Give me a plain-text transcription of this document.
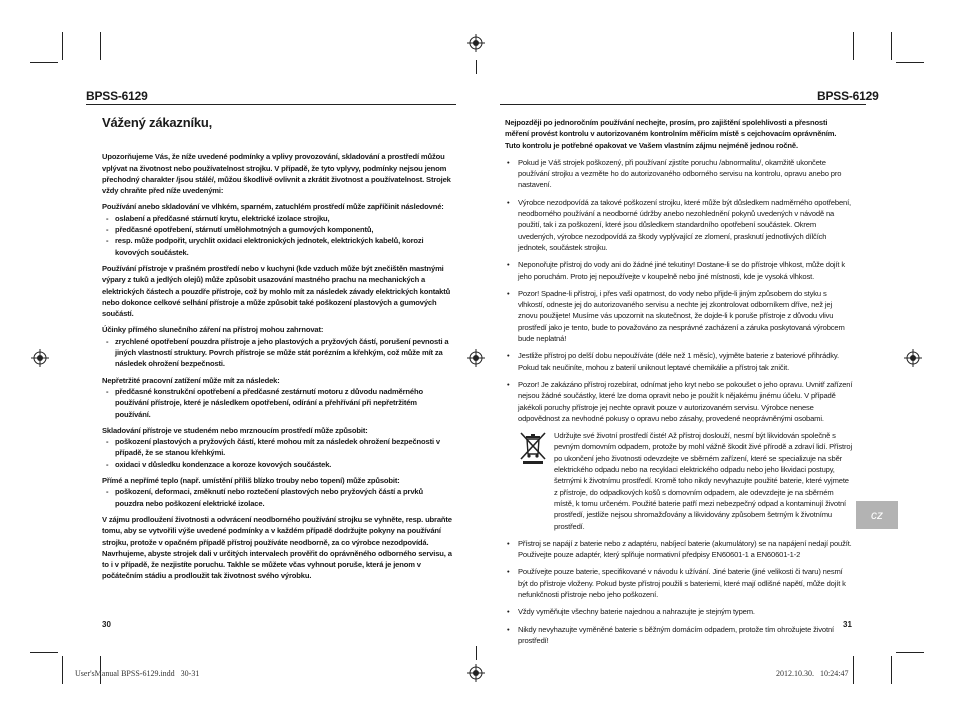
BPSS-6129	BPSS-6129
Vážený zákazníku,

Upozorňujeme Vás, že níže uvedené podmínky a vplivy provozování, skladování a prostředí můžou vplývat na životnost nebo používatelnost strojku. V případě, že tyto vplyvy, podmínky nejsou jenom přechodný charakter /jsou stálé/, můžou škodlivě ovlivnit a zkrátit životnost a používatelnost. Strojek vždy chraňte před níže uvedenými:

Používání anebo skladování ve vlhkém, sparném, zatuchlém prostředí může zapříčinit následovné:

- oslabení a předčasné stárnutí krytu, elektrické izolace strojku,
- předčasné opotřebení, stárnutí umělohmotných a gumových komponentů,
- resp. může podpořit, urychlit oxidaci elektronických jednotek, elektrických kabelů, korozi kovových součástek.

Používání přístroje v prašném prostředí nebo v kuchyni (kde vzduch může být znečištěn mastnými výpary z tuků a jedlých olejů) může způsobit usazování mastného prachu na mechanických a elektrických částech a pouzdře přístroje, což by mohlo mít za následek závady elektrických kontaktů nebo dokonce celkové selhání přístroje a může způsobit také poškození plastových a gumových součástí.

Účinky přímého slunečního záření na přístroj mohou zahrnovat:

- zrychlené opotřebení pouzdra přístroje a jeho plastových a pryžových částí, porušení pevnosti a jiných vlastností struktury. Povrch přístroje se může stát porézním a křehkým, což může mít za následek ohrožení bezpečnosti.

Nepřetržité pracovní zatížení může mít za následek:

- předčasné konstrukční opotřebení a předčasné zestárnutí motoru z důvodu nadměrného používání přístroje, které je následkem opotřebení, odírání a přehřívání při nepřetržitém používání.

Skladování přístroje ve studeném nebo mrznoucím prostředí může způsobit:

- poškození plastových a pryžových částí, které mohou mít za následek ohrožení bezpečnosti v případě, že se stanou křehkými.
- oxidaci v důsledku kondenzace a koroze kovových součástek.

Přímé a nepřímé teplo (např. umístění příliš blízko trouby nebo topení) může způsobit:

- poškození, deformaci, změknutí nebo roztečení plastových nebo pryžových částí a prvků pouzdra nebo poškození elektrické izolace.

V zájmu prodloužení životnosti a odvrácení neodborného používání strojku se vyhněte, resp. ubraňte tomu, aby se vytvořili výše uvedené podmínky a v každém případě dodržujte pokyny na používání strojku, protože v opačném případě přístroj používáte neodborně, za co výrobce nezodpovídá. Navrhujeme, abyste strojek dali v určitých intervalech prověřit do oprávněného odborného servisu, a to i v případě, že nezjistíte poruchu. Takhle se můžete včas vyhnout poruše, která je jenom v počátečním stádiu a prodloužit tak životnost svého výrobku.

30

Nejpozději po jednoročním používání nechejte, prosím, pro zajištění spolehlivosti a přesnosti měření provést kontrolu v autorizovaném kontrolním měřicím místě s cejchovacím oprávněním. Tuto kontrolu je potřebné opakovat ve Vašem vlastním zájmu nejméně jednou ročně.

• Pokud je Váš strojek poškozený, při používaní zjistíte poruchu /abnormalitu/, okamžitě ukončete používání strojku a vezměte ho do autorizovaného odborného servisu na kontrolu, opravu anebo pro nastavení.
• Výrobce nezodpovídá za takové poškození strojku, které může být důsledkem nadměrného opotřebení, neodborného používání a neodborné údržby anebo nezohlednění pokynů uvedených v návodě na použití, tak i za poškození, které jsou důsledkem standardního opotřebení součástek. Okrem uvedených, výrobce nezodpovídá za škody vyplývající ze zlomení, prasknutí jednotlivých dílčích jednotek, součástek strojku.
• Neponořujte přístroj do vody ani do žádné jiné tekutiny! Dostane-li se do přístroje vlhkost, může dojít k jeho poruchám. Proto jej nepoužívejte v koupelně nebo jiné místnosti, kde je vysoká vlhkost.
• Pozor! Spadne-li přístroj, i přes vaši opatrnost, do vody nebo přijde-li jiným způsobem do styku s vlhkostí, odneste jej do autorizovaného servisu a nechte jej zkontrolovat odborníkem dříve, než jej znovu použijete! Musíme vás upozornit na skutečnost, že dojde-li k poruše přístroje z důvodu vlivu prostředí jako je tento, bude to považováno za nesprávné zacházení a záruka poskytovaná výrobcem bude neplatná!
• Jestliže přístroj po delší dobu nepoužíváte (déle než 1 měsíc), vyjměte baterie z bateriové přihrádky. Pokud tak neučiníte, mohou z baterií uniknout leptavé chemikálie a přístroj tak zničit.
• Pozor! Je zakázáno přístroj rozebírat, odnímat jeho kryt nebo se pokoušet o jeho opravu. Uvnitř zařízení nejsou žádné součástky, které lze doma opravit nebo je použít k nějakému jinému účelu. V případě jakékoli poruchy přístroje jej nechte opravit pouze v autorizovaném servisu. Výrobce nenese odpovědnost za nevhodné pokusy o opravu nebo zásahy, provedené neoprávněnými osobami.
Udržujte své životní prostředí čisté! Až přístroj doslouží, nesmí být likvidován společně s pevným domovním odpadem, protože by mohl vážně škodit živé přírodě a zdraví lidí. Přístroj po ukončení jeho životnosti odevzdejte ve sběrném zařízení, které se specializuje na sběr elektrického odpadu nebo na recyklaci elektrického odpadu nebo jeho likvidaci postupy, šetrnými k životnímu prostředí. Kromě toho nikdy nevyhazujte použité baterie, které vyjmete z přístroje, do odpadkových košů s domovním odpadem, ale odevzdejte je na sběrném místě, k tomu určeném. Použité baterie patří mezi nebezpečný odpad a kontaminují životní prostředí, jestliže nejsou shromažďovány a likvidovány způsobem šetrným k životnímu prostředí.
• Přístroj se napájí z baterie nebo z adaptéru, nabíjecí baterie (akumulátory) se na napájení nedají použít. Použivejte pouze adaptér, který splňuje normativní předpisy EN60601-1 a EN60601-1-2
• Používejte pouze baterie, specifikované v návodu k užívání. Jiné baterie (jiné velikosti či tvaru) nesmí být do přístroje vloženy. Pokud byste přístroj použili s bateriemi, které mají odlišné napětí, může dojít k nefunkčnosti přístroje nebo jeho poškození.
• Vždy vyměňujte všechny baterie najednou a nahrazujte je stejným typem.
• Nikdy nevyhazujte vyměněné baterie s běžným domácím odpadem, protože tím ohrožujete životní prostředí!
31
cz
User'sManual BPSS-6129.indd   30-31	2012.10.30.   10:24:47
